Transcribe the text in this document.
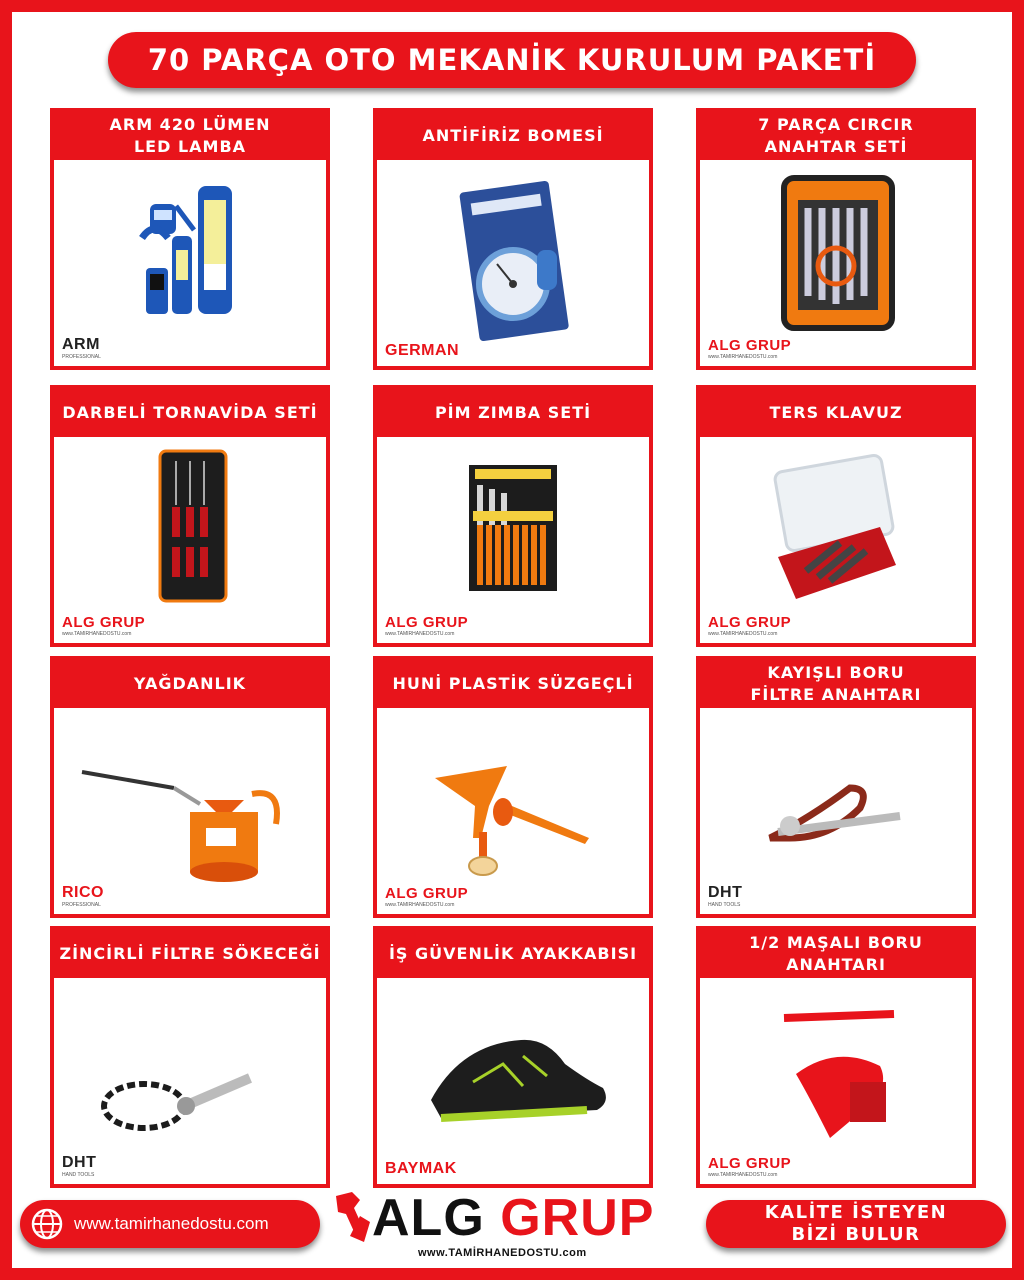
70 PARÇA OTO MEKANİK KURULUM PAKETİ
ARM 420 LÜMEN
LED LAMBA
ARM
PROFESSIONAL
ANTİFİRİZ BOMESİ
GERMAN
7 PARÇA CIRCIR
ANAHTAR SETİ
ALG GRUP
www.TAMIRHANEDOSTU.com
DARBELİ TORNAVİDA SETİ
ALG GRUP
www.TAMIRHANEDOSTU.com
PİM ZIMBA SETİ
ALG GRUP
www.TAMIRHANEDOSTU.com
TERS KLAVUZ
ALG GRUP
www.TAMIRHANEDOSTU.com
YAĞDANLIK
RICO
PROFESSIONAL
HUNİ PLASTİK SÜZGEÇLİ
ALG GRUP
www.TAMIRHANEDOSTU.com
KAYIŞLI BORU
FİLTRE ANAHTARI
DHT
HAND TOOLS
ZİNCİRLİ FİLTRE SÖKECEĞİ
DHT
HAND TOOLS
İŞ GÜVENLİK AYAKKABISI
BAYMAK
1/2 MAŞALI BORU
ANAHTARI
ALG GRUP
www.TAMIRHANEDOSTU.com
www.tamirhanedostu.com ALG GRUP
www.TAMİRHANEDOSTU.com
KALİTE İSTEYEN
BİZİ BULUR
